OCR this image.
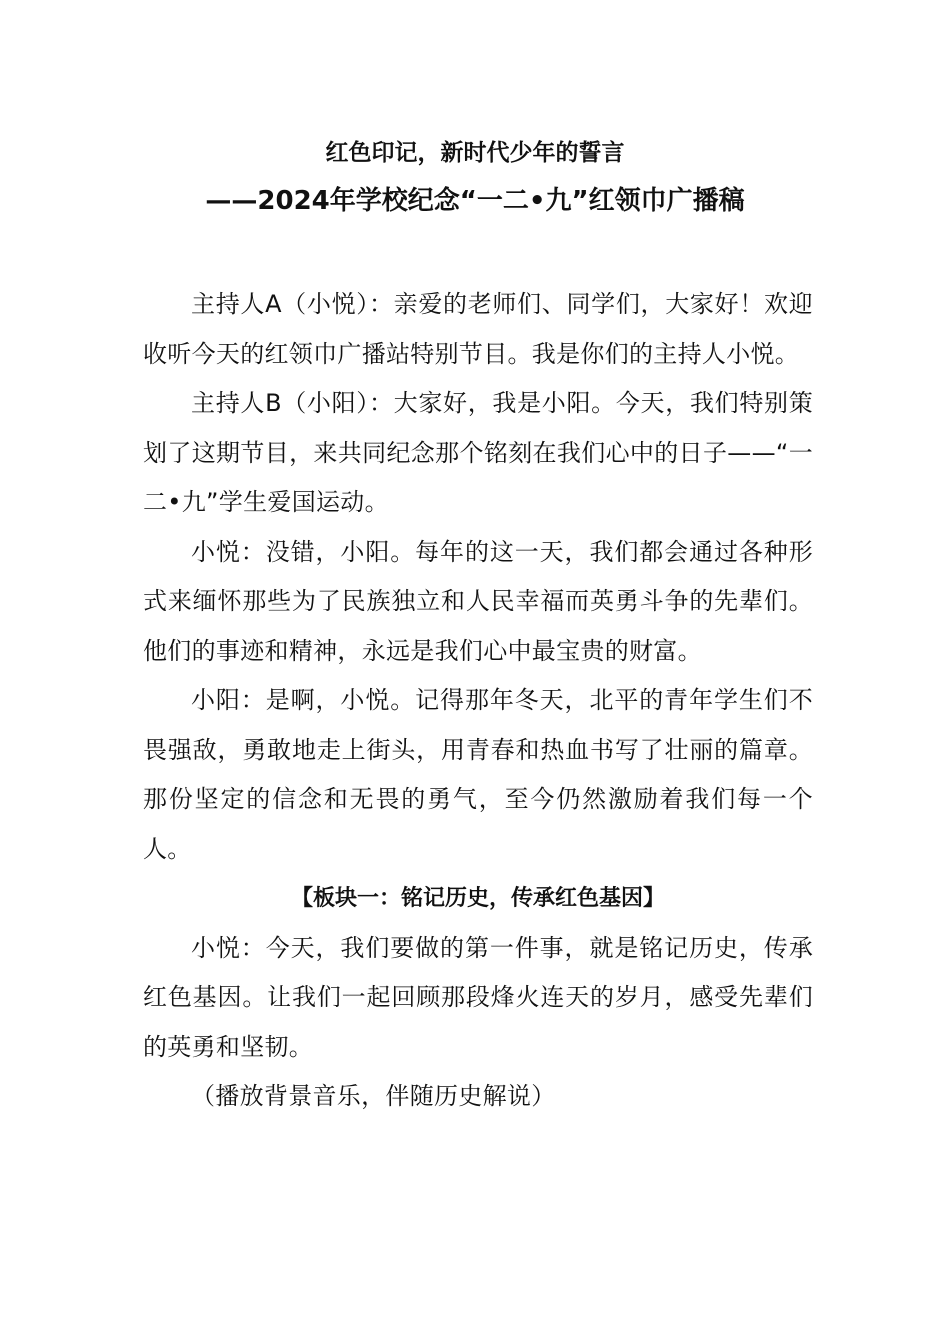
红色印记，新时代少年的誓言
——2024年学校纪念“一二•九”红领巾广播稿

主持人A（小悦）：亲爱的老师们、同学们，大家好！欢迎收听今天的红领巾广播站特别节目。我是你们的主持人小悦。

主持人B（小阳）：大家好，我是小阳。今天，我们特别策划了这期节目，来共同纪念那个铭刻在我们心中的日子——“一二•九”学生爱国运动。

小悦：没错，小阳。每年的这一天，我们都会通过各种形式来缅怀那些为了民族独立和人民幸福而英勇斗争的先辈们。他们的事迹和精神，永远是我们心中最宝贵的财富。

小阳：是啊，小悦。记得那年冬天，北平的青年学生们不畏强敌，勇敢地走上街头，用青春和热血书写了壮丽的篇章。那份坚定的信念和无畏的勇气，至今仍然激励着我们每一个人。

【板块一：铭记历史，传承红色基因】

小悦：今天，我们要做的第一件事，就是铭记历史，传承红色基因。让我们一起回顾那段烽火连天的岁月，感受先辈们的英勇和坚韧。

（播放背景音乐，伴随历史解说）
